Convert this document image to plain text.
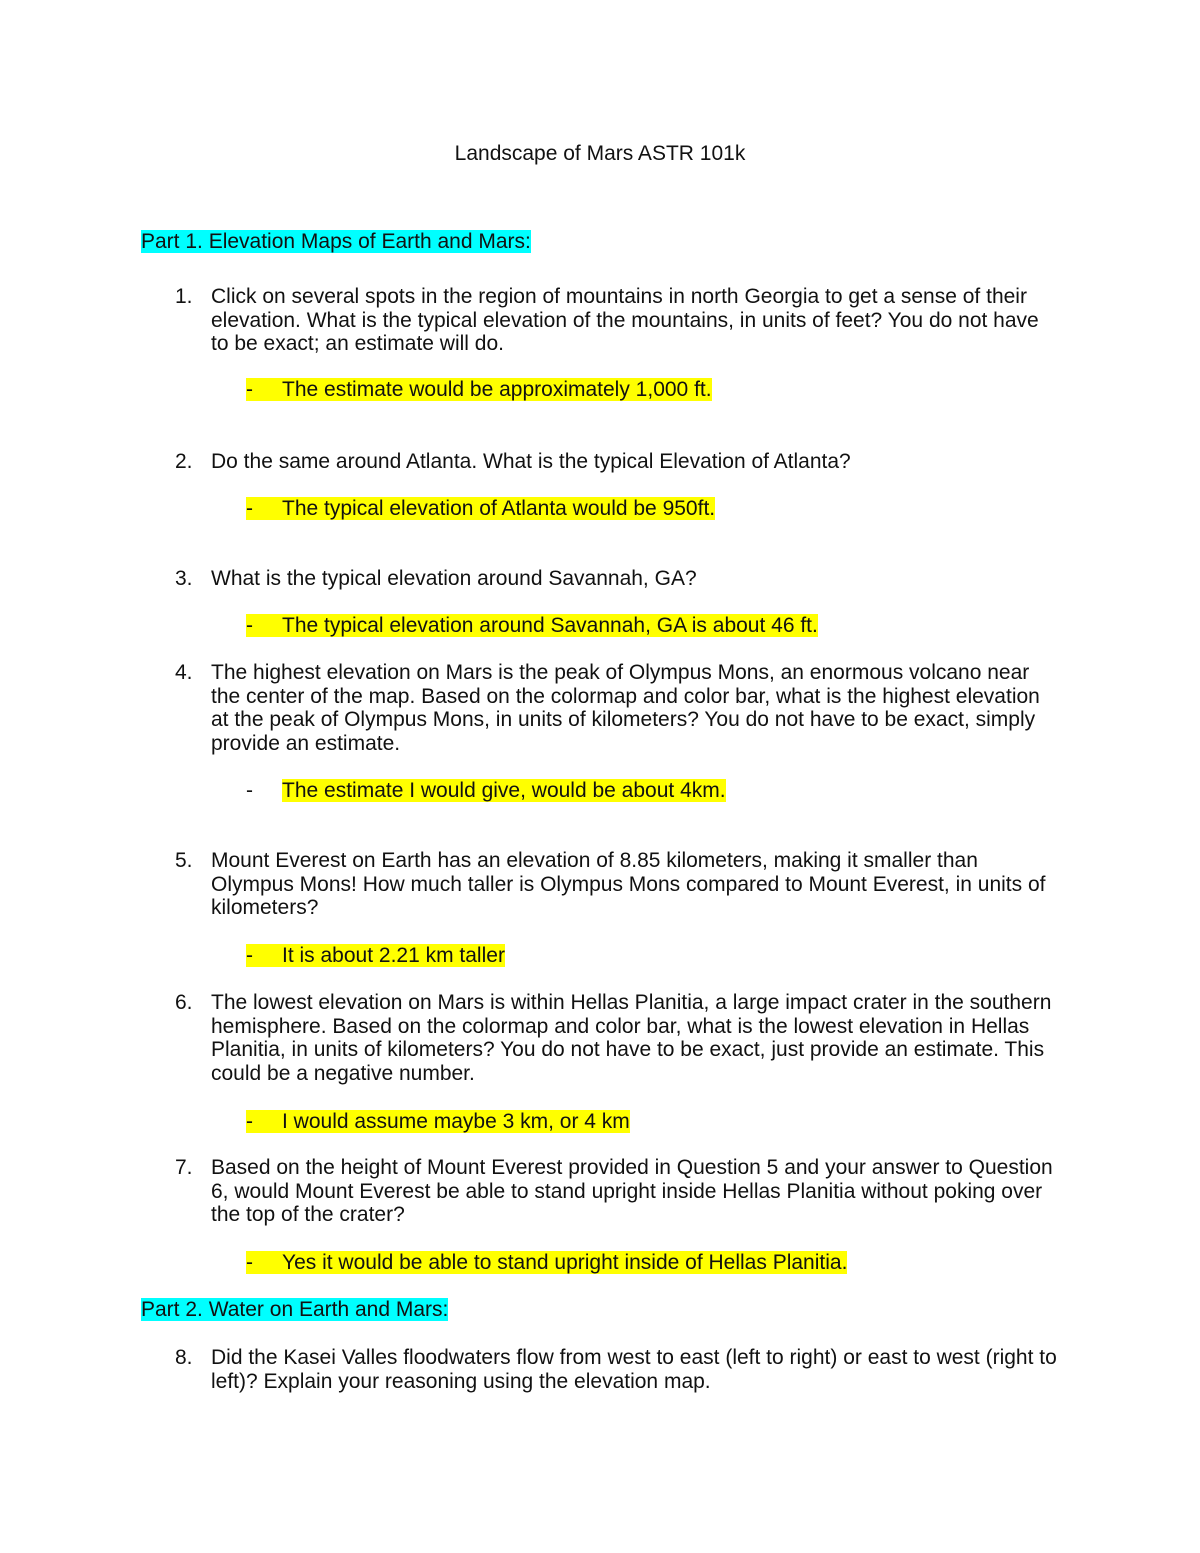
Landscape of Mars ASTR 101k
Part 1. Elevation Maps of Earth and Mars:
1. Click on several spots in the region of mountains in north Georgia to get a sense of their elevation. What is the typical elevation of the mountains, in units of feet? You do not have to be exact; an estimate will do.
- The estimate would be approximately 1,000 ft.
2. Do the same around Atlanta. What is the typical Elevation of Atlanta?
- The typical elevation of Atlanta would be 950ft.
3. What is the typical elevation around Savannah, GA?
- The typical elevation around Savannah, GA is about 46 ft.
4. The highest elevation on Mars is the peak of Olympus Mons, an enormous volcano near the center of the map. Based on the colormap and color bar, what is the highest elevation at the peak of Olympus Mons, in units of kilometers? You do not have to be exact, simply provide an estimate.
- The estimate I would give, would be about 4km.
5. Mount Everest on Earth has an elevation of 8.85 kilometers, making it smaller than Olympus Mons! How much taller is Olympus Mons compared to Mount Everest, in units of kilometers?
- It is about 2.21 km taller
6. The lowest elevation on Mars is within Hellas Planitia, a large impact crater in the southern hemisphere. Based on the colormap and color bar, what is the lowest elevation in Hellas Planitia, in units of kilometers? You do not have to be exact, just provide an estimate. This could be a negative number.
- I would assume maybe 3 km, or 4 km
7. Based on the height of Mount Everest provided in Question 5 and your answer to Question 6, would Mount Everest be able to stand upright inside Hellas Planitia without poking over the top of the crater?
- Yes it would be able to stand upright inside of Hellas Planitia.
Part 2. Water on Earth and Mars:
8. Did the Kasei Valles floodwaters flow from west to east (left to right) or east to west (right to left)? Explain your reasoning using the elevation map.
